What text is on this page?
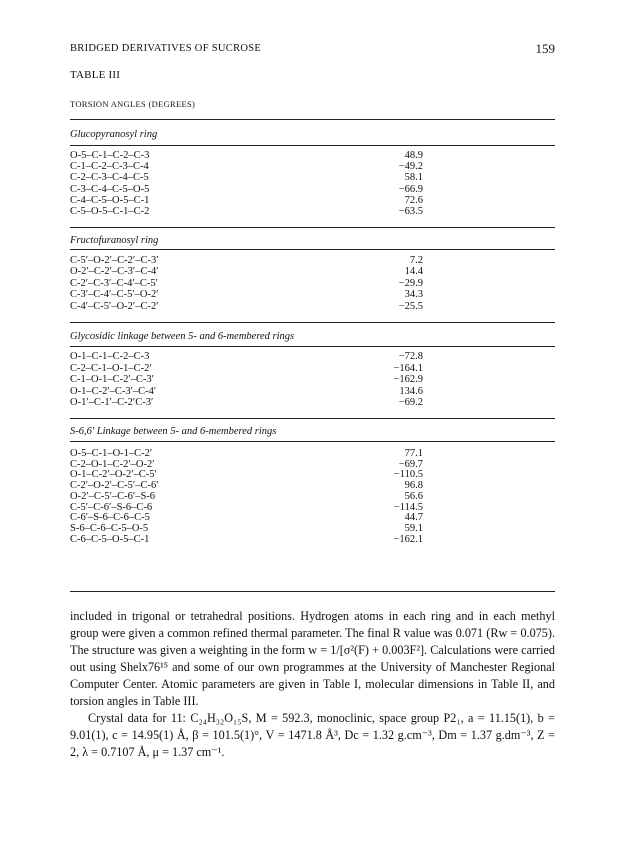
BRIDGED DERIVATIVES OF SUCROSE	159
TABLE III
TORSION ANGLES (DEGREES)
Glucopyranosyl ring
O-5–C-1–C-2–C-3	48.9
C-1–C-2–C-3–C-4	−49.2
C-2–C-3–C-4–C-5	58.1
C-3–C-4–C-5–O-5	−66.9
C-4–C-5–O-5–C-1	72.6
C-5–O-5–C-1–C-2	−63.5
Fructofuranosyl ring
C-5′–O-2′–C-2′–C-3′	7.2
O-2′–C-2′–C-3′–C-4′	14.4
C-2′–C-3′–C-4′–C-5′	−29.9
C-3′–C-4′–C-5′–O-2′	34.3
C-4′–C-5′–O-2′–C-2′	−25.5
Glycosidic linkage between 5- and 6-membered rings
O-1–C-1–C-2–C-3	−72.8
C-2–C-1–O-1–C-2′	−164.1
C-1–O-1–C-2′–C-3′	−162.9
O-1–C-2′–C-3′–C-4′	134.6
O-1′–C-1′–C-2′C-3′	−69.2
S-6,6′ Linkage between 5- and 6-membered rings
O-5–C-1–O-1–C-2′	77.1
C-2–O-1–C-2′–O-2′	−69.7
O-1–C-2′–O-2′–C-5′	−110.5
C-2′–O-2′–C-5′–C-6′	96.8
O-2′–C-5′–C-6′–S-6	56.6
C-5′–C-6′–S-6–C-6	−114.5
C-6′–S-6–C-6–C-5	44.7
S-6–C-6–C-5–O-5	59.1
C-6–C-5–O-5–C-1	−162.1

included in trigonal or tetrahedral positions. Hydrogen atoms in each ring and in each methyl group were given a common refined thermal parameter. The final R value was 0.071 (Rw = 0.075). The structure was given a weighting in the form w = 1/[σ²(F) + 0.003F²]. Calculations were carried out using Shelx76¹⁵ and some of our own programmes at the University of Manchester Regional Computer Center. Atomic parameters are given in Table I, molecular dimensions in Table II, and torsion angles in Table III.

Crystal data for 11: C₂₄H₃₂O₁₅S, M = 592.3, monoclinic, space group P2₁, a = 11.15(1), b = 9.01(1), c = 14.95(1) Å, β = 101.5(1)°, V = 1471.8 Å³, Dc = 1.32 g.cm⁻³, Dm = 1.37 g.dm⁻³, Z = 2, λ = 0.7107 Å, μ = 1.37 cm⁻¹.
